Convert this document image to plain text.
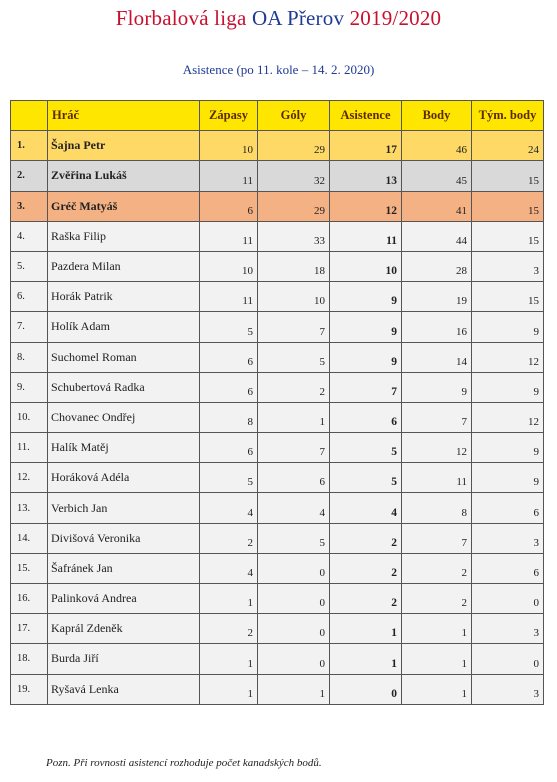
Florbalová liga OA Přerov 2019/2020
Asistence (po 11. kole – 14. 2. 2020)
	Hráč	Zápasy	Góly	Asistence	Body	Tým. body
1.	Šajna Petr	10	29	17	46	24
2.	Zvěřina Lukáš	11	32	13	45	15
3.	Gréč Matyáš	6	29	12	41	15
4.	Raška Filip	11	33	11	44	15
5.	Pazdera Milan	10	18	10	28	3
6.	Horák Patrik	11	10	9	19	15
7.	Holík Adam	5	7	9	16	9
8.	Suchomel Roman	6	5	9	14	12
9.	Schubertová Radka	6	2	7	9	9
10.	Chovanec Ondřej	8	1	6	7	12
11.	Halík Matěj	6	7	5	12	9
12.	Horáková Adéla	5	6	5	11	9
13.	Verbich Jan	4	4	4	8	6
14.	Divišová Veronika	2	5	2	7	3
15.	Šafránek Jan	4	0	2	2	6
16.	Palinková Andrea	1	0	2	2	0
17.	Kaprál Zdeněk	2	0	1	1	3
18.	Burda Jiří	1	0	1	1	0
19.	Ryšavá Lenka	1	1	0	1	3
Pozn. Při rovnosti asistencí rozhoduje počet kanadských bodů.
